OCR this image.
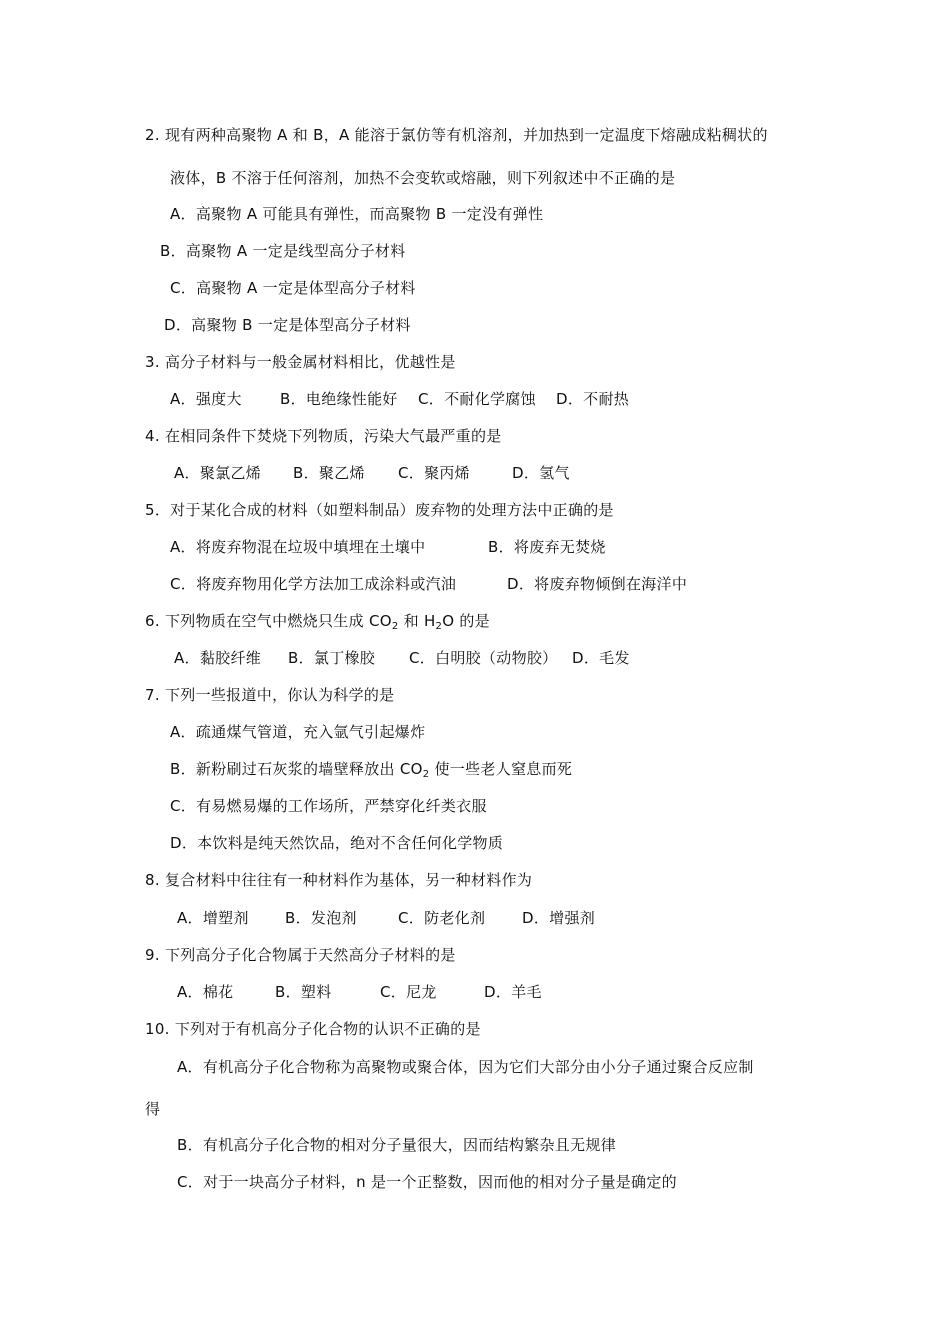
2. 现有两种高聚物 A 和 B，A 能溶于氯仿等有机溶剂，并加热到一定温度下熔融成粘稠状的
液体，B 不溶于任何溶剂，加热不会变软或熔融，则下列叙述中不正确的是
A．高聚物 A 可能具有弹性，而高聚物 B 一定没有弹性
B．高聚物 A 一定是线型高分子材料
C．高聚物 A 一定是体型高分子材料
D．高聚物 B 一定是体型高分子材料
3. 高分子材料与一般金属材料相比，优越性是
A．强度大	B．电绝缘性能好 C．不耐化学腐蚀 D．不耐热
4. 在相同条件下焚烧下列物质，污染大气最严重的是
A．聚氯乙烯 B．聚乙烯 C．聚丙烯	D．氢气
5．对于某化合成的材料（如塑料制品）废弃物的处理方法中正确的是
A．将废弃物混在垃圾中填埋在土壤中	B．将废弃无焚烧
C．将废弃物用化学方法加工成涂料或汽油	D．将废弃物倾倒在海洋中
6. 下列物质在空气中燃烧只生成 $CO_2$ 和 $H_2O$ 的是
A．黏胶纤维 B．氯丁橡胶 C．白明胶（动物胶） D．毛发
7. 下列一些报道中，你认为科学的是
A．疏通煤气管道，充入氩气引起爆炸
B．新粉刷过石灰浆的墙壁释放出 $CO_2$ 使一些老人窒息而死
C．有易燃易爆的工作场所，严禁穿化纤类衣服
D．本饮料是纯天然饮品，绝对不含任何化学物质
8. 复合材料中往往有一种材料作为基体，另一种材料作为
A．增塑剂 B．发泡剂	C．防老化剂 D．增强剂
9. 下列高分子化合物属于天然高分子材料的是
A．棉花	B．塑料	C．尼龙	D．羊毛
10. 下列对于有机高分子化合物的认识不正确的是
A．有机高分子化合物称为高聚物或聚合体，因为它们大部分由小分子通过聚合反应制
得
B．有机高分子化合物的相对分子量很大，因而结构繁杂且无规律
C．对于一块高分子材料，n 是一个正整数，因而他的相对分子量是确定的
